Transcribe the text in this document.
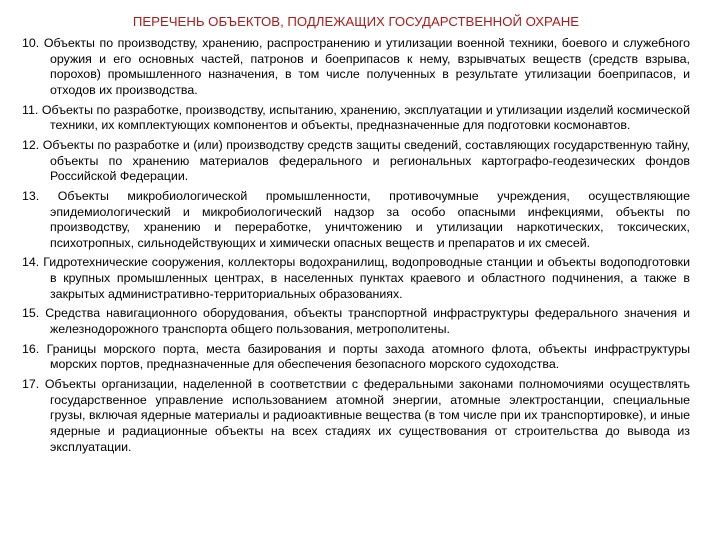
ПЕРЕЧЕНЬ ОБЪЕКТОВ, ПОДЛЕЖАЩИХ ГОСУДАРСТВЕННОЙ ОХРАНЕ

10. Объекты по производству, хранению, распространению и утилизации военной техники, боевого и служебного оружия и его основных частей, патронов и боеприпасов к нему, взрывчатых веществ (средств взрыва, порохов) промышленного назначения, в том числе полученных в результате утилизации боеприпасов, и отходов их производства.

11. Объекты по разработке, производству, испытанию, хранению, эксплуатации и утилизации изделий космической техники, их комплектующих компонентов и объекты, предназначенные для подготовки космонавтов.

12. Объекты по разработке и (или) производству средств защиты сведений, составляющих государственную тайну, объекты по хранению материалов федерального и региональных картографо-геодезических фондов Российской Федерации.

13. Объекты микробиологической промышленности, противочумные учреждения, осуществляющие эпидемиологический и микробиологический надзор за особо опасными инфекциями, объекты по производству, хранению и переработке, уничтожению и утилизации наркотических, токсических, психотропных, сильнодействующих и химически опасных веществ и препаратов и их смесей.

14. Гидротехнические сооружения, коллекторы водохранилищ, водопроводные станции и объекты водоподготовки в крупных промышленных центрах, в населенных пунктах краевого и областного подчинения, а также в закрытых административно-территориальных образованиях.

15. Средства навигационного оборудования, объекты транспортной инфраструктуры федерального значения и железнодорожного транспорта общего пользования, метрополитены.

16. Границы морского порта, места базирования и порты захода атомного флота, объекты инфраструктуры морских портов, предназначенные для обеспечения безопасного морского судоходства.

17. Объекты организации, наделенной в соответствии с федеральными законами полномочиями осуществлять государственное управление использованием атомной энергии, атомные электростанции, специальные грузы, включая ядерные материалы и радиоактивные вещества (в том числе при их транспортировке), и иные ядерные и радиационные объекты на всех стадиях их существования от строительства до вывода из эксплуатации.
